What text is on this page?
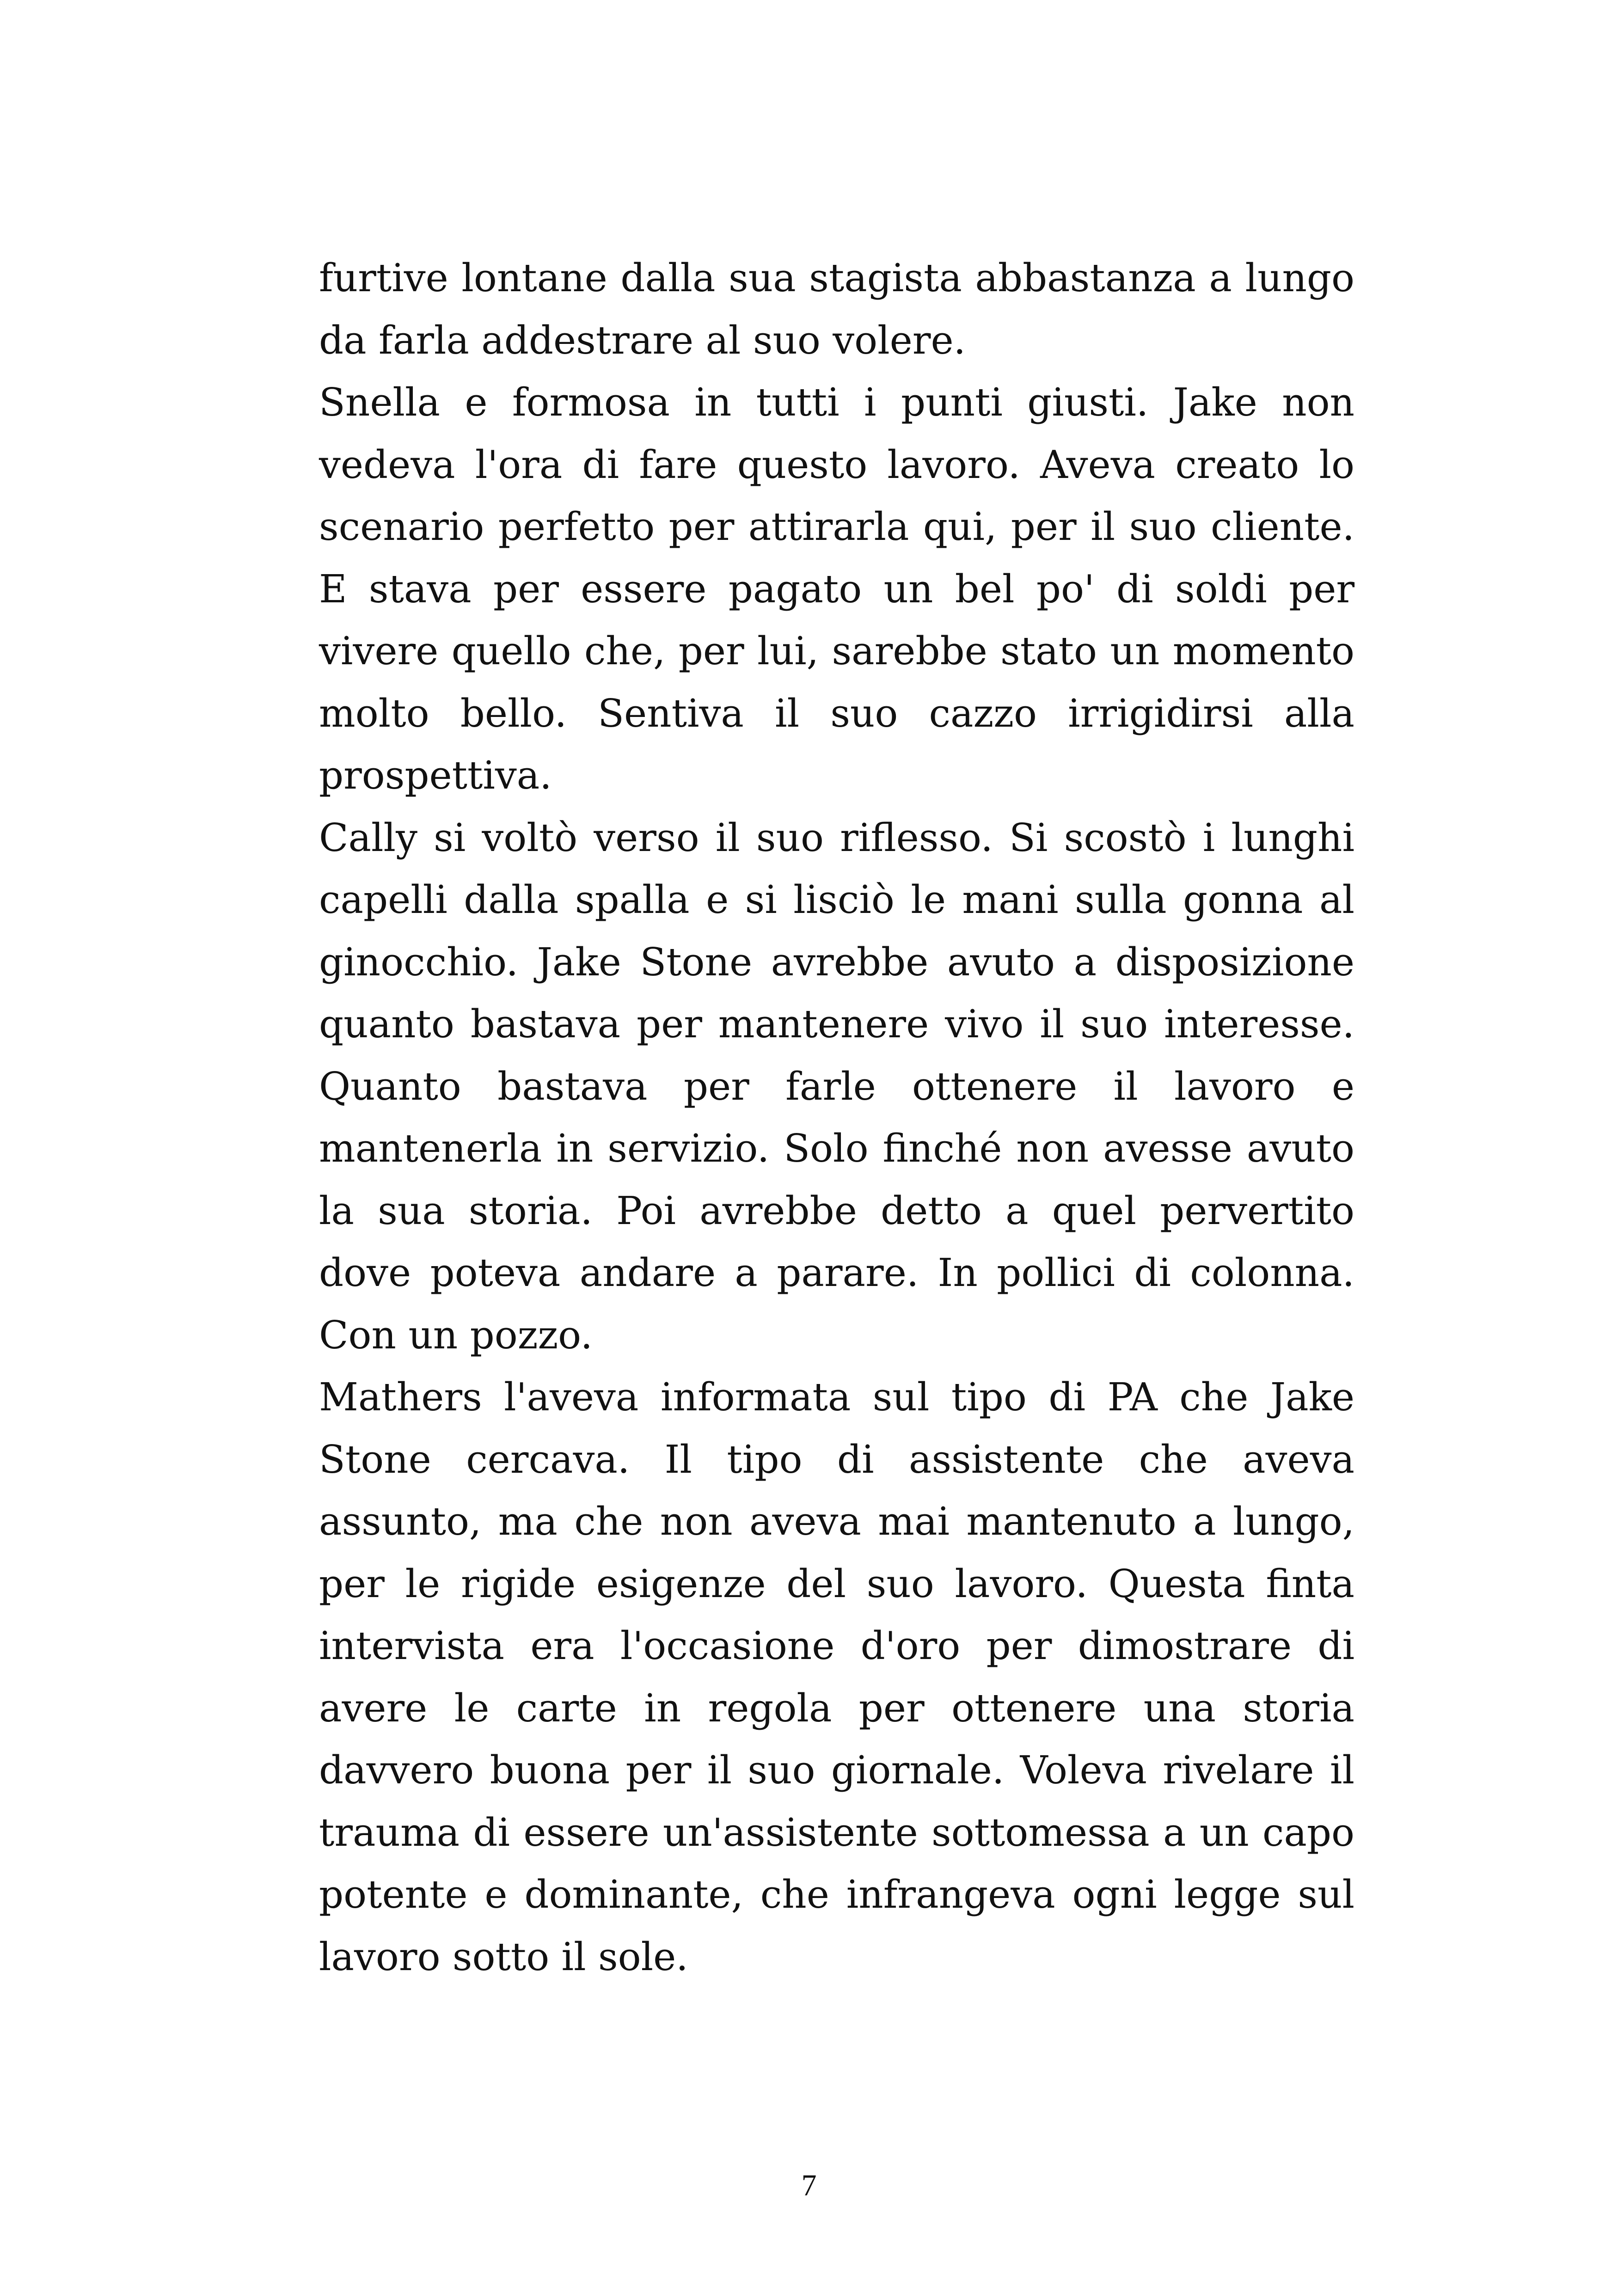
furtive lontane dalla sua stagista abbastanza a lungo da farla addestrare al suo volere.

Snella e formosa in tutti i punti giusti. Jake non vedeva l'ora di fare questo lavoro. Aveva creato lo scenario perfetto per attirarla qui, per il suo cliente. E stava per essere pagato un bel po' di soldi per vivere quello che, per lui, sarebbe stato un momento molto bello. Sentiva il suo cazzo irrigidirsi alla prospettiva.

Cally si voltò verso il suo riflesso. Si scostò i lunghi capelli dalla spalla e si lisciò le mani sulla gonna al ginocchio. Jake Stone avrebbe avuto a disposizione quanto bastava per mantenere vivo il suo interesse. Quanto bastava per farle ottenere il lavoro e mantenerla in servizio. Solo finché non avesse avuto la sua storia. Poi avrebbe detto a quel pervertito dove poteva andare a parare. In pollici di colonna. Con un pozzo.

Mathers l'aveva informata sul tipo di PA che Jake Stone cercava. Il tipo di assistente che aveva assunto, ma che non aveva mai mantenuto a lungo, per le rigide esigenze del suo lavoro. Questa finta intervista era l'occasione d'oro per dimostrare di avere le carte in regola per ottenere una storia davvero buona per il suo giornale. Voleva rivelare il trauma di essere un'assistente sottomessa a un capo potente e dominante, che infrangeva ogni legge sul lavoro sotto il sole.

7
